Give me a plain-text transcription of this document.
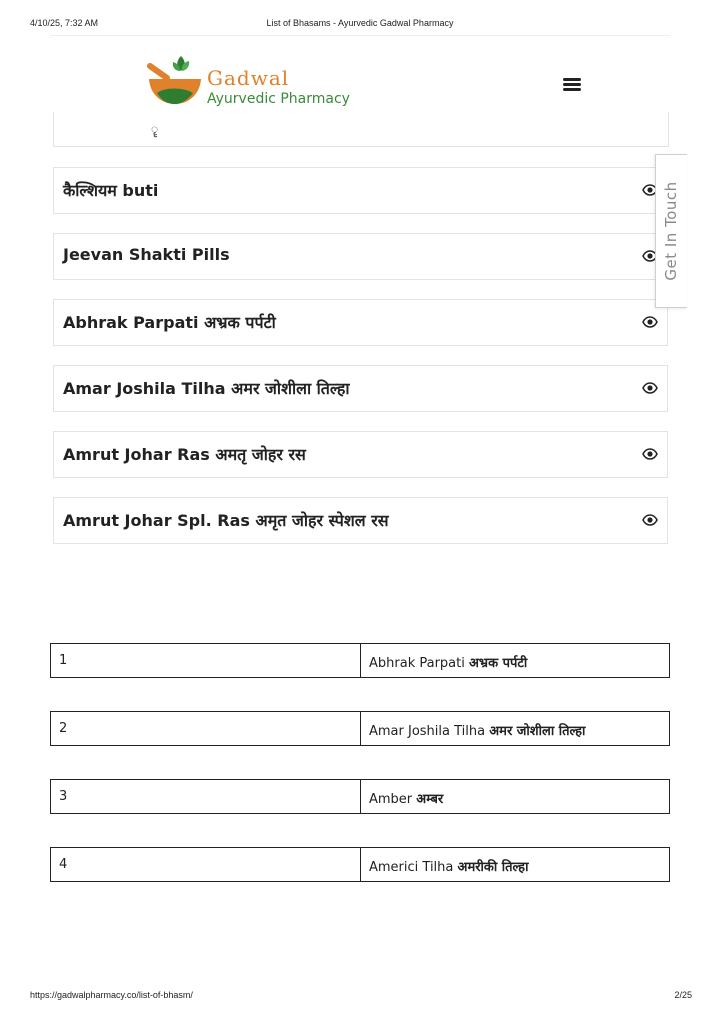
4/10/25, 7:32 AM	List of Bhasams - Ayurvedic Gadwal Pharmacy
Gadwal
Ayurvedic Pharmacy
ॄ
कैल्शियम buti
Jeevan Shakti Pills
Abhrak Parpati अभ्रक पर्पटी
Amar Joshila Tilha अमर जोशीला तिल्हा
Amrut Johar Ras अमतृ जोहर रस
Amrut Johar Spl. Ras अमृत जोहर स्पेशल रस
Get In Touch
1	Abhrak Parpati अभ्रक पर्पटी
2	Amar Joshila Tilha अमर जोशीला तिल्हा
3	Amber अम्बर
4	Americi Tilha अमरीकी तिल्हा
https://gadwalpharmacy.co/list-of-bhasm/	2/25
